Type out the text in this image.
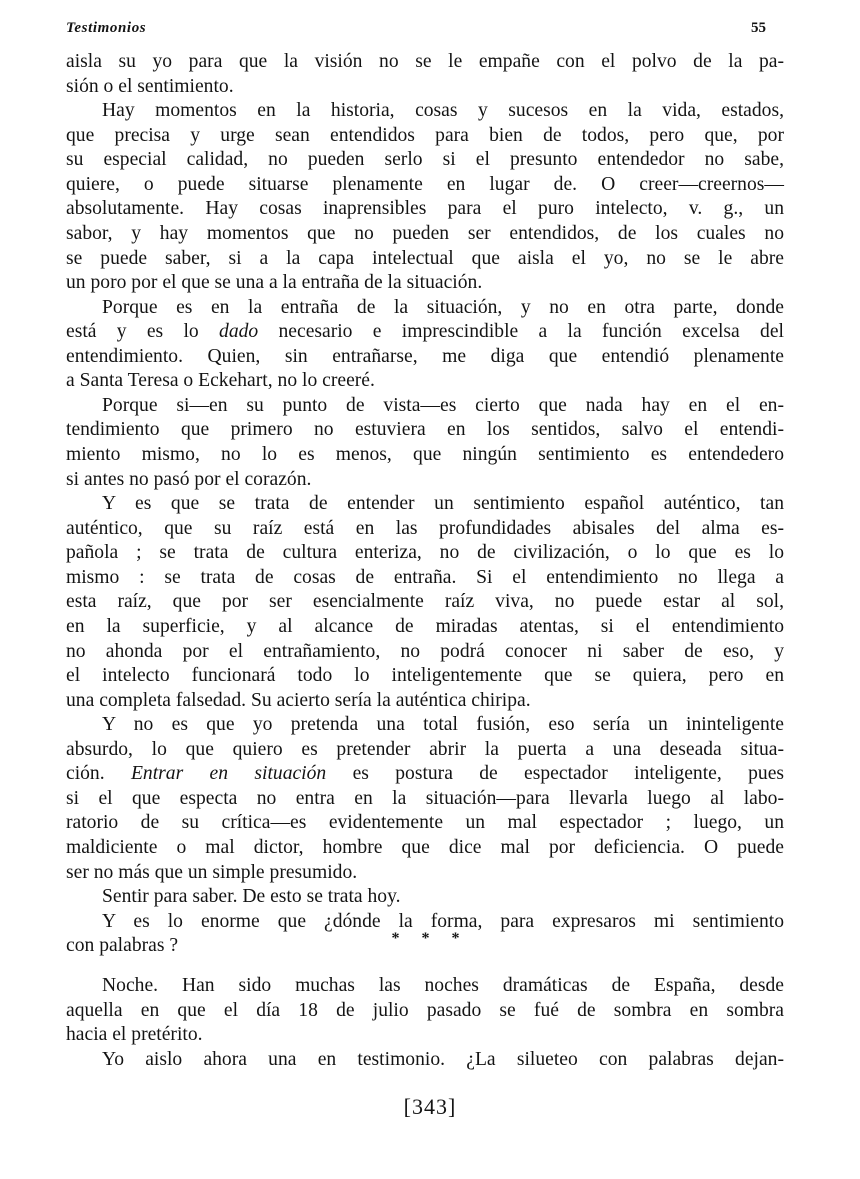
Testimonios	55
aisla su yo para que la visión no se le empañe con el polvo de la pa-
sión o el sentimiento.
Hay momentos en la historia, cosas y sucesos en la vida, estados,
que precisa y urge sean entendidos para bien de todos, pero que, por
su especial calidad, no pueden serlo si el presunto entendedor no sabe,
quiere, o puede situarse plenamente en lugar de. O creer—creernos—
absolutamente. Hay cosas inaprensibles para el puro intelecto, v. g., un
sabor, y hay momentos que no pueden ser entendidos, de los cuales no
se puede saber, si a la capa intelectual que aisla el yo, no se le abre
un poro por el que se una a la entraña de la situación.
Porque es en la entraña de la situación, y no en otra parte, donde
está y es lo dado necesario e imprescindible a la función excelsa del
entendimiento. Quien, sin entrañarse, me diga que entendió plenamente
a Santa Teresa o Eckehart, no lo creeré.
Porque si—en su punto de vista—es cierto que nada hay en el en-
tendimiento que primero no estuviera en los sentidos, salvo el entendi-
miento mismo, no lo es menos, que ningún sentimiento es entendedero
si antes no pasó por el corazón.
Y es que se trata de entender un sentimiento español auténtico, tan
auténtico, que su raíz está en las profundidades abisales del alma es-
pañola ; se trata de cultura enteriza, no de civilización, o lo que es lo
mismo : se trata de cosas de entraña. Si el entendimiento no llega a
esta raíz, que por ser esencialmente raíz viva, no puede estar al sol,
en la superficie, y al alcance de miradas atentas, si el entendimiento
no ahonda por el entrañamiento, no podrá conocer ni saber de eso, y
el intelecto funcionará todo lo inteligentemente que se quiera, pero en
una completa falsedad. Su acierto sería la auténtica chiripa.
Y no es que yo pretenda una total fusión, eso sería un ininteligente
absurdo, lo que quiero es pretender abrir la puerta a una deseada situa-
ción. Entrar en situación es postura de espectador inteligente, pues
si el que especta no entra en la situación—para llevarla luego al labo-
ratorio de su crítica—es evidentemente un mal espectador ; luego, un
maldiciente o mal dictor, hombre que dice mal por deficiencia. O puede
ser no más que un simple presumido.
Sentir para saber. De esto se trata hoy.
Y es lo enorme que ¿dónde la forma, para expresaros mi sentimiento
con palabras ?	* * *
Noche. Han sido muchas las noches dramáticas de España, desde
aquella en que el día 18 de julio pasado se fué de sombra en sombra
hacia el pretérito.
Yo aislo ahora una en testimonio. ¿La silueteo con palabras dejan-
[343]
